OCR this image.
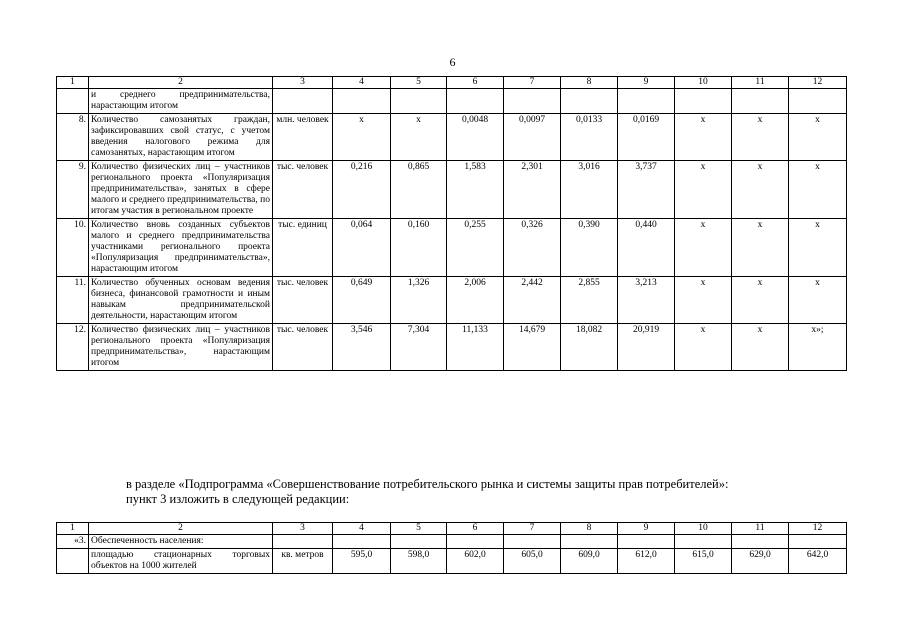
6
1	2	3	4	5	6	7	8	9	10	11	12
	и среднего предпринимательства, нарастающим итогом										
8.	Количество самозанятых граждан, зафиксировавших свой статус, с учетом введения налогового режима для самозанятых, нарастающим итогом	млн. человек	x	x	0,0048	0,0097	0,0133	0,0169	x	x	x
9.	Количество физических лиц – участников регионального проекта «Популяризация предпринимательства», занятых в сфере малого и среднего предпринимательства, по итогам участия в региональном проекте	тыс. человек	0,216	0,865	1,583	2,301	3,016	3,737	x	x	x
10.	Количество вновь созданных субъектов малого и среднего предпринимательства участниками регионального проекта «Популяризация предпринимательства», нарастающим итогом	тыс. единиц	0,064	0,160	0,255	0,326	0,390	0,440	x	x	x
11.	Количество обученных основам ведения бизнеса, финансовой грамотности и иным навыкам предпринимательской деятельности, нарастающим итогом	тыс. человек	0,649	1,326	2,006	2,442	2,855	3,213	x	x	x
12.	Количество физических лиц – участников регионального проекта «Популяризация предпринимательства», нарастающим итогом	тыс. человек	3,546	7,304	11,133	14,679	18,082	20,919	x	x	x»;
в разделе «Подпрограмма «Совершенствование потребительского рынка и системы защиты прав потребителей»:
пункт 3 изложить в следующей редакции:
1	2	3	4	5	6	7	8	9	10	11	12
«3.	Обеспеченность населения:										
	площадью стационарных торговых объектов на 1000 жителей	кв. метров	595,0	598,0	602,0	605,0	609,0	612,0	615,0	629,0	642,0
